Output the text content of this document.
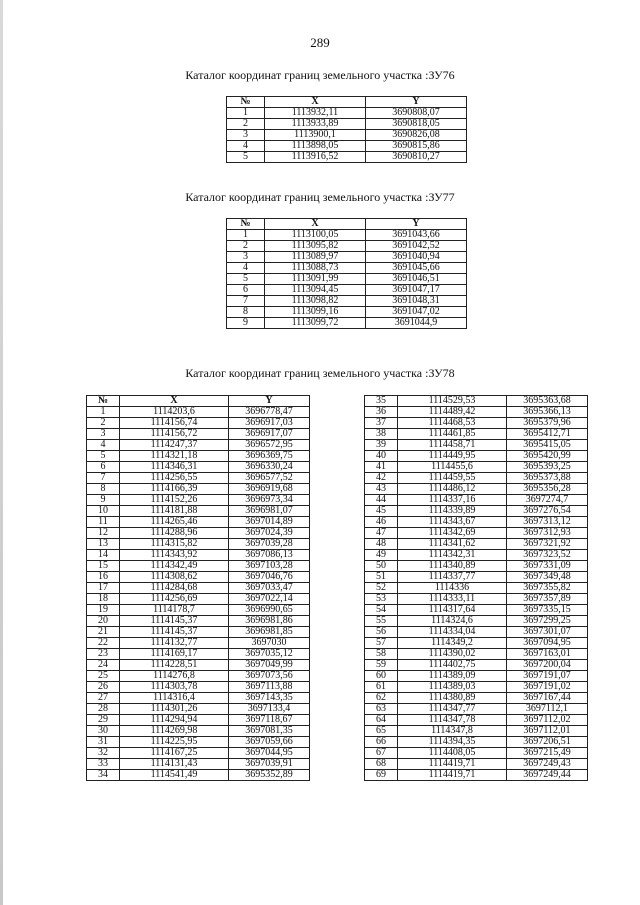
289
Каталог координат границ земельного участка :ЗУ76
№	X	Y
1	1113932,11	3690808,07
2	1113933,89	3690818,05
3	1113900,1	3690826,08
4	1113898,05	3690815,86
5	1113916,52	3690810,27
Каталог координат границ земельного участка :ЗУ77
№	X	Y
1	1113100,05	3691043,66
2	1113095,82	3691042,52
3	1113089,97	3691040,94
4	1113088,73	3691045,66
5	1113091,99	3691046,51
6	1113094,45	3691047,17
7	1113098,82	3691048,31
8	1113099,16	3691047,02
9	1113099,72	3691044,9
Каталог координат границ земельного участка :ЗУ78
№	X	Y
1	1114203,6	3696778,47
2	1114156,74	3696917,03
3	1114156,72	3696917,07
4	1114247,37	3696572,95
5	1114321,18	3696369,75
6	1114346,31	3696330,24
7	1114256,55	3696577,52
8	1114166,39	3696919,68
9	1114152,26	3696973,34
10	1114181,88	3696981,07
11	1114265,46	3697014,89
12	1114288,96	3697024,39
13	1114315,82	3697039,28
14	1114343,92	3697086,13
15	1114342,49	3697103,28
16	1114308,62	3697046,76
17	1114284,68	3697033,47
18	1114256,69	3697022,14
19	1114178,7	3696990,65
20	1114145,37	3696981,86
21	1114145,37	3696981,85
22	1114132,77	3697030
23	1114169,17	3697035,12
24	1114228,51	3697049,99
25	1114276,8	3697073,56
26	1114303,78	3697113,88
27	1114316,4	3697143,35
28	1114301,26	3697133,4
29	1114294,94	3697118,67
30	1114269,98	3697081,35
31	1114225,95	3697059,66
32	1114167,25	3697044,95
33	1114131,43	3697039,91
34	1114541,49	3695352,89
35	1114529,53	3695363,68
36	1114489,42	3695366,13
37	1114468,53	3695379,96
38	1114461,85	3695412,71
39	1114458,71	3695415,05
40	1114449,95	3695420,99
41	1114455,6	3695393,25
42	1114459,55	3695373,88
43	1114486,12	3695356,28
44	1114337,16	3697274,7
45	1114339,89	3697276,54
46	1114343,67	3697313,12
47	1114342,69	3697312,93
48	1114341,62	3697321,92
49	1114342,31	3697323,52
50	1114340,89	3697331,09
51	1114337,77	3697349,48
52	1114336	3697355,82
53	1114333,11	3697357,89
54	1114317,64	3697335,15
55	1114324,6	3697299,25
56	1114334,04	3697301,07
57	1114349,2	3697094,95
58	1114390,02	3697163,01
59	1114402,75	3697200,04
60	1114389,09	3697191,07
61	1114389,03	3697191,02
62	1114380,89	3697167,44
63	1114347,77	3697112,1
64	1114347,78	3697112,02
65	1114347,8	3697112,01
66	1114394,35	3697206,51
67	1114408,05	3697215,49
68	1114419,71	3697249,43
69	1114419,71	3697249,44
